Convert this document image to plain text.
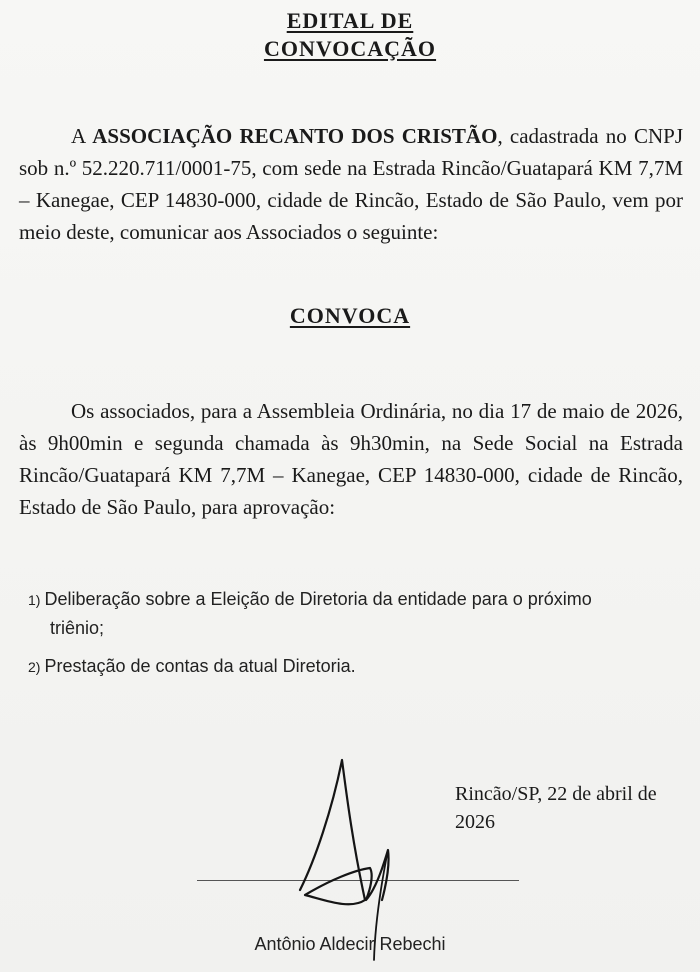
EDITAL DE
CONVOCAÇÃO
A ASSOCIAÇÃO RECANTO DOS CRISTÃO, cadastrada no CNPJ sob n.º 52.220.711/0001-75, com sede na Estrada Rincão/Guatapará KM 7,7M – Kanegae, CEP 14830-000, cidade de Rincão, Estado de São Paulo, vem por meio deste, comunicar aos Associados o seguinte:
CONVOCA
Os associados, para a Assembleia Ordinária, no dia 17 de maio de 2026, às 9h00min e segunda chamada às 9h30min, na Sede Social na Estrada Rincão/Guatapará KM 7,7M – Kanegae, CEP 14830-000, cidade de Rincão, Estado de São Paulo, para aprovação:
1) Deliberação sobre a Eleição de Diretoria da entidade para o próximo
triênio;
2) Prestação de contas da atual Diretoria.
Rincão/SP, 22 de abril de 2026
Antônio Aldecir Rebechi
